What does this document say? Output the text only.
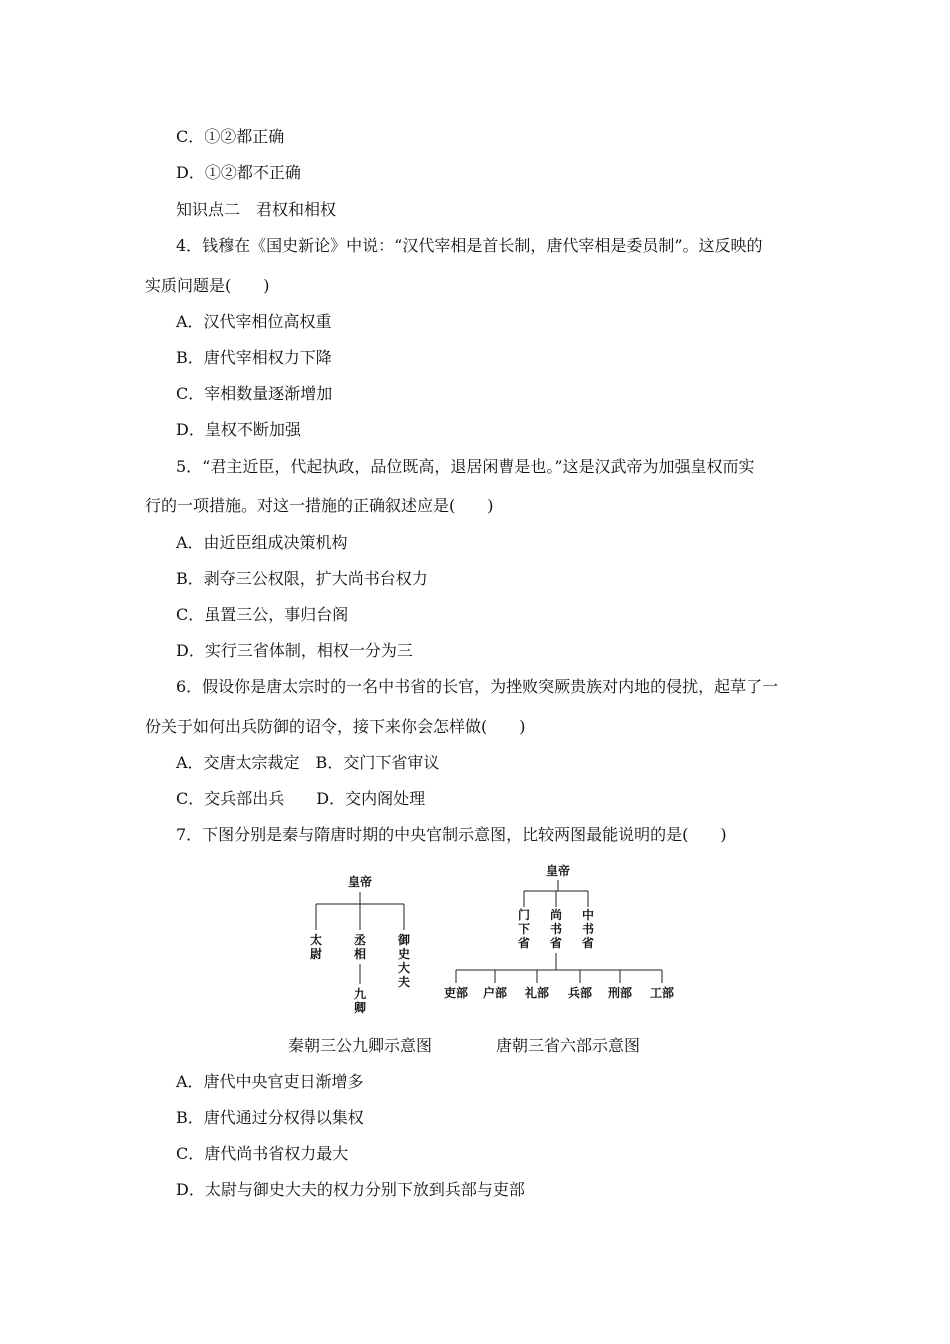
C．①②都正确
D．①②都不正确
知识点二　君权和相权
4．钱穆在《国史新论》中说：“汉代宰相是首长制，唐代宰相是委员制”。这反映的
实质问题是(　　)
A．汉代宰相位高权重
B．唐代宰相权力下降
C．宰相数量逐渐增加
D．皇权不断加强
5．“君主近臣，代起执政，品位既高，退居闲曹是也。”这是汉武帝为加强皇权而实
行的一项措施。对这一措施的正确叙述应是(　　)
A．由近臣组成决策机构
B．剥夺三公权限，扩大尚书台权力
C．虽置三公，事归台阁
D．实行三省体制，相权一分为三
6．假设你是唐太宗时的一名中书省的长官，为挫败突厥贵族对内地的侵扰，起草了一
份关于如何出兵防御的诏令，接下来你会怎样做(　　)
A．交唐太宗裁定　B．交门下省审议
C．交兵部出兵　　D．交内阁处理
7．下图分别是秦与隋唐时期的中央官制示意图，比较两图最能说明的是(　　)
皇帝
太
尉
丞
相
九
卿
御
史
大
夫
皇帝
门
下
省
尚
书
省
中
书
省
吏部 户部 礼部 兵部 刑部 工部
秦朝三公九卿示意图	唐朝三省六部示意图
A．唐代中央官吏日渐增多
B．唐代通过分权得以集权
C．唐代尚书省权力最大
D．太尉与御史大夫的权力分别下放到兵部与吏部
